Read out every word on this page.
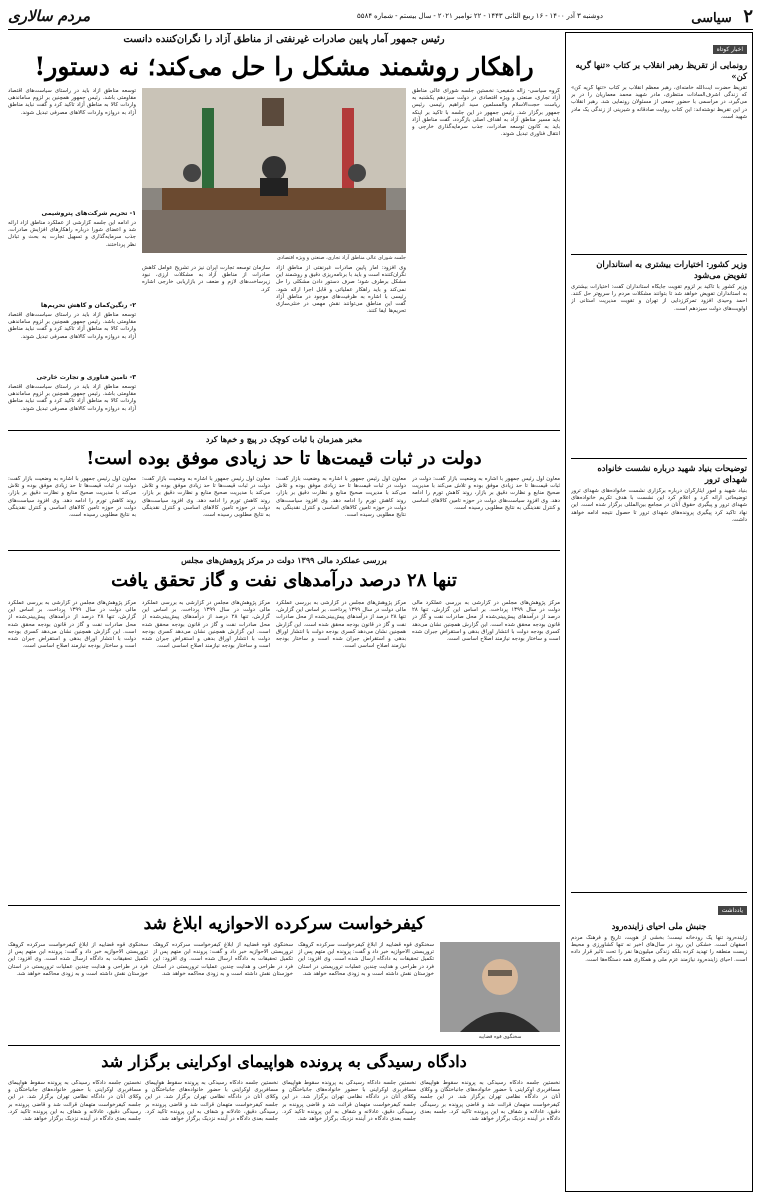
۲ سیاسی
دوشنبه ۳ آذر ۱۴۰۰ - ۱۶ ربیع الثانی ۱۴۴۳ - ۲۲ نوامبر ۲۰۲۱ - سال بیستم - شماره ۵۵۸۴
مردم سالاری
اخبار کوتاه
رونمایی از تقریظ رهبر انقلاب بر کتاب «تنها گریه کن»
تقریظ حضرت آیت‌الله خامنه‌ای، رهبر معظم انقلاب بر کتاب «تنها گریه کن» که زندگی اشرف‌السادات منتظری، مادر شهید محمد معماریان را در بر می‌گیرد، در مراسمی با حضور جمعی از مسئولان رونمایی شد. رهبر انقلاب در این تقریظ نوشته‌اند: این کتاب روایت صادقانه و شیرینی از زندگی یک مادر شهید است.
وزیر کشور: اختیارات بیشتری به استانداران تفویض می‌شود
وزیر کشور با تاکید بر لزوم تقویت جایگاه استانداران گفت: اختیارات بیشتری به استانداران تفویض خواهد شد تا بتوانند مشکلات مردم را سریع‌تر حل کنند. احمد وحیدی افزود تمرکززدایی از تهران و تقویت مدیریت استانی از اولویت‌های دولت سیزدهم است.
توضیحات بنیاد شهید درباره نشست خانواده شهدای ترور
بنیاد شهید و امور ایثارگران درباره برگزاری نشست خانواده‌های شهدای ترور توضیحاتی ارائه کرد و اعلام کرد این نشست با هدف تکریم خانواده‌های شهدای ترور و پیگیری حقوق آنان در مجامع بین‌المللی برگزار شده است. این نهاد تاکید کرد پیگیری پرونده‌های شهدای ترور تا حصول نتیجه ادامه خواهد داشت.
یادداشت
جنبش ملی احیای زاینده‌رود
زاینده‌رود تنها یک رودخانه نیست؛ بخشی از هویت، تاریخ و فرهنگ مردم اصفهان است. خشکی این رود در سال‌های اخیر نه تنها کشاورزی و محیط زیست منطقه را تهدید کرده بلکه زندگی میلیون‌ها نفر را تحت تاثیر قرار داده است. احیای زاینده‌رود نیازمند عزم ملی و همکاری همه دستگاه‌ها است.
رئیس جمهور آمار پایین صادرات غیرنفتی از مناطق آزاد را نگران‌کننده دانست
راهکار روشمند مشکل را حل می‌کند؛ نه دستور!
گروه سیاسی- زاله شفیعی: نخستین جلسه شورای عالی مناطق آزاد تجاری، صنعتی و ویژه اقتصادی در دولت سیزدهم یکشنبه به ریاست حجت‌الاسلام والمسلمین سید ابراهیم رئیسی رئیس جمهور برگزار شد. رئیس جمهور در این جلسه با تاکید بر اینکه باید مسیر مناطق آزاد به اهداف اصلی بازگردد، گفت مناطق آزاد باید به کانون توسعه صادرات، جذب سرمایه‌گذاری خارجی و انتقال فناوری تبدیل شوند.
جلسه شورای عالی مناطق آزاد تجاری، صنعتی و ویژه اقتصادی
سازمان توسعه تجارت ایران نیز در تشریح عوامل کاهش صادرات از مناطق آزاد به مشکلات ارزی، نبود زیرساخت‌های لازم و ضعف در بازاریابی خارجی اشاره کرد.
وی افزود: آمار پایین صادرات غیرنفتی از مناطق آزاد نگران‌کننده است و باید با برنامه‌ریزی دقیق و روشمند این مشکل برطرف شود؛ صرف دستور دادن مشکلی را حل نمی‌کند و باید راهکار عملیاتی و قابل اجرا ارائه شود. رئیسی با اشاره به ظرفیت‌های موجود در مناطق آزاد گفت این مناطق می‌توانند نقش مهمی در خنثی‌سازی تحریم‌ها ایفا کنند.
توسعه مناطق آزاد باید در راستای سیاست‌های اقتصاد مقاومتی باشد. رئیس جمهور همچنین بر لزوم ساماندهی واردات کالا به مناطق آزاد تاکید کرد و گفت نباید مناطق آزاد به دروازه واردات کالاهای مصرفی تبدیل شوند.
۱- تحریم شرکت‌های پتروشیمی
در ادامه این جلسه گزارشی از عملکرد مناطق آزاد ارائه شد و اعضای شورا درباره راهکارهای افزایش صادرات، جذب سرمایه‌گذاری و تسهیل تجارت به بحث و تبادل نظر پرداختند.
۲- رنگین‌کمان و کاهش تحریم‌ها
توسعه مناطق آزاد باید در راستای سیاست‌های اقتصاد مقاومتی باشد. رئیس جمهور همچنین بر لزوم ساماندهی واردات کالا به مناطق آزاد تاکید کرد و گفت نباید مناطق آزاد به دروازه واردات کالاهای مصرفی تبدیل شوند.
۳- تامین فناوری و تجارت خارجی
توسعه مناطق آزاد باید در راستای سیاست‌های اقتصاد مقاومتی باشد. رئیس جمهور همچنین بر لزوم ساماندهی واردات کالا به مناطق آزاد تاکید کرد و گفت نباید مناطق آزاد به دروازه واردات کالاهای مصرفی تبدیل شوند.
مخبر همزمان با ثبات کوچک در پیچ و خم‌ها کرد
دولت در ثبات قیمت‌ها تا حد زیادی موفق بوده است!
معاون اول رئیس جمهور با اشاره به وضعیت بازار گفت: دولت در ثبات قیمت‌ها تا حد زیادی موفق بوده و تلاش می‌کند با مدیریت صحیح منابع و نظارت دقیق بر بازار، روند کاهش تورم را ادامه دهد. وی افزود سیاست‌های دولت در حوزه تامین کالاهای اساسی و کنترل نقدینگی به نتایج مطلوبی رسیده است.
معاون اول رئیس جمهور با اشاره به وضعیت بازار گفت: دولت در ثبات قیمت‌ها تا حد زیادی موفق بوده و تلاش می‌کند با مدیریت صحیح منابع و نظارت دقیق بر بازار، روند کاهش تورم را ادامه دهد. وی افزود سیاست‌های دولت در حوزه تامین کالاهای اساسی و کنترل نقدینگی به نتایج مطلوبی رسیده است.
معاون اول رئیس جمهور با اشاره به وضعیت بازار گفت: دولت در ثبات قیمت‌ها تا حد زیادی موفق بوده و تلاش می‌کند با مدیریت صحیح منابع و نظارت دقیق بر بازار، روند کاهش تورم را ادامه دهد. وی افزود سیاست‌های دولت در حوزه تامین کالاهای اساسی و کنترل نقدینگی به نتایج مطلوبی رسیده است.
معاون اول رئیس جمهور با اشاره به وضعیت بازار گفت: دولت در ثبات قیمت‌ها تا حد زیادی موفق بوده و تلاش می‌کند با مدیریت صحیح منابع و نظارت دقیق بر بازار، روند کاهش تورم را ادامه دهد. وی افزود سیاست‌های دولت در حوزه تامین کالاهای اساسی و کنترل نقدینگی به نتایج مطلوبی رسیده است.
بررسی عملکرد مالی ۱۳۹۹ دولت در مرکز پژوهش‌های مجلس
تنها ۲۸ درصد درآمدهای نفت و گاز تحقق یافت
مرکز پژوهش‌های مجلس در گزارشی به بررسی عملکرد مالی دولت در سال ۱۳۹۹ پرداخت. بر اساس این گزارش، تنها ۲۸ درصد از درآمدهای پیش‌بینی‌شده از محل صادرات نفت و گاز در قانون بودجه محقق شده است. این گزارش همچنین نشان می‌دهد کسری بودجه دولت با انتشار اوراق بدهی و استقراض جبران شده است و ساختار بودجه نیازمند اصلاح اساسی است.
مرکز پژوهش‌های مجلس در گزارشی به بررسی عملکرد مالی دولت در سال ۱۳۹۹ پرداخت. بر اساس این گزارش، تنها ۲۸ درصد از درآمدهای پیش‌بینی‌شده از محل صادرات نفت و گاز در قانون بودجه محقق شده است. این گزارش همچنین نشان می‌دهد کسری بودجه دولت با انتشار اوراق بدهی و استقراض جبران شده است و ساختار بودجه نیازمند اصلاح اساسی است.
مرکز پژوهش‌های مجلس در گزارشی به بررسی عملکرد مالی دولت در سال ۱۳۹۹ پرداخت. بر اساس این گزارش، تنها ۲۸ درصد از درآمدهای پیش‌بینی‌شده از محل صادرات نفت و گاز در قانون بودجه محقق شده است. این گزارش همچنین نشان می‌دهد کسری بودجه دولت با انتشار اوراق بدهی و استقراض جبران شده است و ساختار بودجه نیازمند اصلاح اساسی است.
مرکز پژوهش‌های مجلس در گزارشی به بررسی عملکرد مالی دولت در سال ۱۳۹۹ پرداخت. بر اساس این گزارش، تنها ۲۸ درصد از درآمدهای پیش‌بینی‌شده از محل صادرات نفت و گاز در قانون بودجه محقق شده است. این گزارش همچنین نشان می‌دهد کسری بودجه دولت با انتشار اوراق بدهی و استقراض جبران شده است و ساختار بودجه نیازمند اصلاح اساسی است.
کیفرخواست سرکرده الاحوازیه ابلاغ شد
سخنگوی قوه قضاییه
سخنگوی قوه قضاییه از ابلاغ کیفرخواست سرکرده گروهک تروریستی الاحوازیه خبر داد و گفت: پرونده این متهم پس از تکمیل تحقیقات به دادگاه ارسال شده است. وی افزود: این فرد در طراحی و هدایت چندین عملیات تروریستی در استان خوزستان نقش داشته است و به زودی محاکمه خواهد شد.
سخنگوی قوه قضاییه از ابلاغ کیفرخواست سرکرده گروهک تروریستی الاحوازیه خبر داد و گفت: پرونده این متهم پس از تکمیل تحقیقات به دادگاه ارسال شده است. وی افزود: این فرد در طراحی و هدایت چندین عملیات تروریستی در استان خوزستان نقش داشته است و به زودی محاکمه خواهد شد.
سخنگوی قوه قضاییه از ابلاغ کیفرخواست سرکرده گروهک تروریستی الاحوازیه خبر داد و گفت: پرونده این متهم پس از تکمیل تحقیقات به دادگاه ارسال شده است. وی افزود: این فرد در طراحی و هدایت چندین عملیات تروریستی در استان خوزستان نقش داشته است و به زودی محاکمه خواهد شد.
دادگاه رسیدگی به پرونده هواپیمای اوکراینی برگزار شد
نخستین جلسه دادگاه رسیدگی به پرونده سقوط هواپیمای مسافربری اوکراینی با حضور خانواده‌های جانباختگان و وکلای آنان در دادگاه نظامی تهران برگزار شد. در این جلسه کیفرخواست متهمان قرائت شد و قاضی پرونده بر رسیدگی دقیق، عادلانه و شفاف به این پرونده تاکید کرد. جلسه بعدی دادگاه در آینده نزدیک برگزار خواهد شد.
نخستین جلسه دادگاه رسیدگی به پرونده سقوط هواپیمای مسافربری اوکراینی با حضور خانواده‌های جانباختگان و وکلای آنان در دادگاه نظامی تهران برگزار شد. در این جلسه کیفرخواست متهمان قرائت شد و قاضی پرونده بر رسیدگی دقیق، عادلانه و شفاف به این پرونده تاکید کرد. جلسه بعدی دادگاه در آینده نزدیک برگزار خواهد شد.
نخستین جلسه دادگاه رسیدگی به پرونده سقوط هواپیمای مسافربری اوکراینی با حضور خانواده‌های جانباختگان و وکلای آنان در دادگاه نظامی تهران برگزار شد. در این جلسه کیفرخواست متهمان قرائت شد و قاضی پرونده بر رسیدگی دقیق، عادلانه و شفاف به این پرونده تاکید کرد. جلسه بعدی دادگاه در آینده نزدیک برگزار خواهد شد.
نخستین جلسه دادگاه رسیدگی به پرونده سقوط هواپیمای مسافربری اوکراینی با حضور خانواده‌های جانباختگان و وکلای آنان در دادگاه نظامی تهران برگزار شد. در این جلسه کیفرخواست متهمان قرائت شد و قاضی پرونده بر رسیدگی دقیق، عادلانه و شفاف به این پرونده تاکید کرد. جلسه بعدی دادگاه در آینده نزدیک برگزار خواهد شد.
